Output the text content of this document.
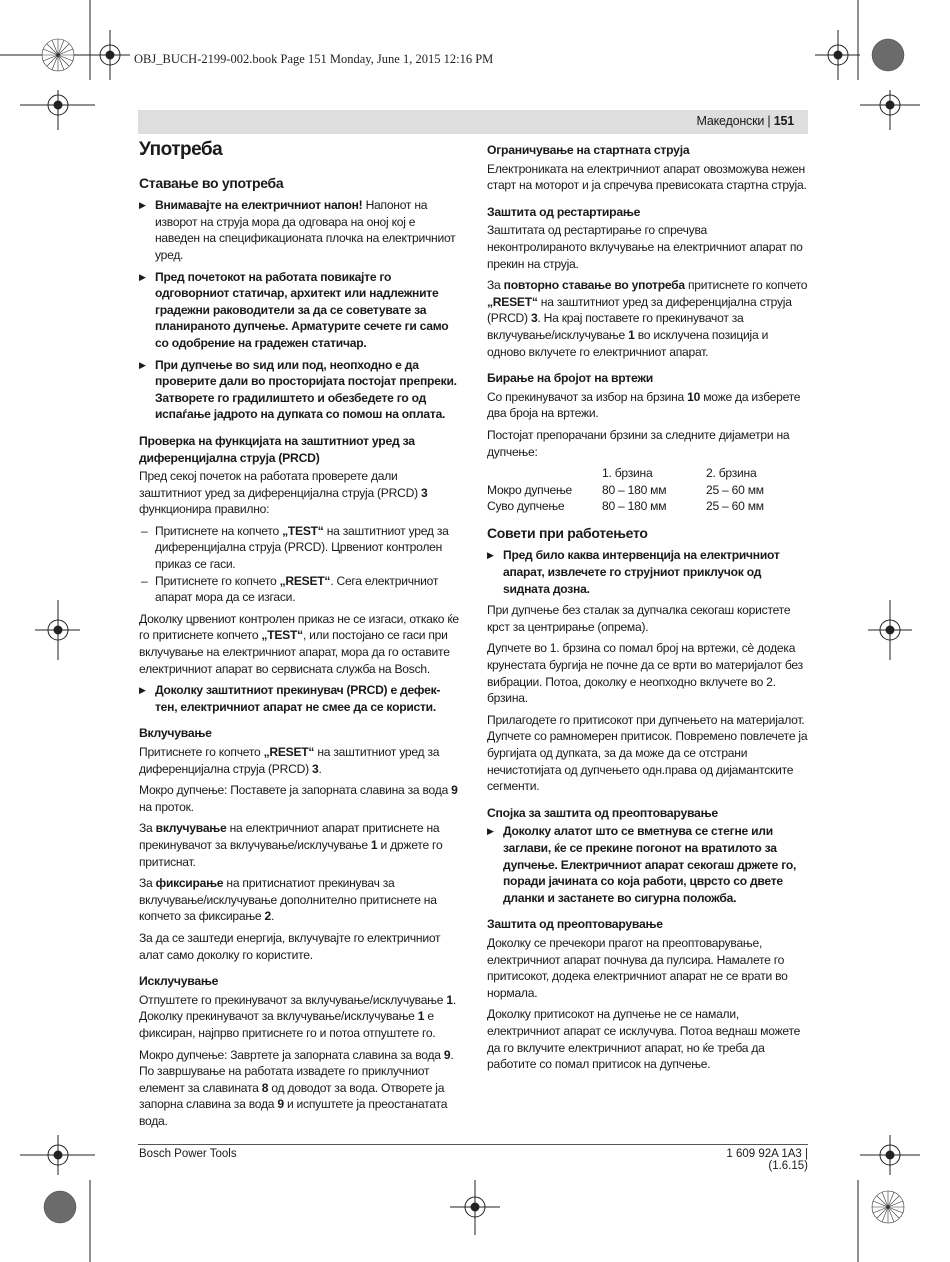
OBJ_BUCH-2199-002.book Page 151 Monday, June 1, 2015 12:16 PM
Македонски | 151
Употреба
Ставање во употреба
▶ Внимавајте на електричниот напон! Напонот на изворот на струја мора да одговара на оној кој е наведен на спецификационата плочка на електричниот уред.
▶ Пред почетокот на работата повикајте го одговорниот статичар, архитект или надлежните градежни раководители за да се советувате за планираното дупчење. Арматурите сечете ги само со одобрение на градежен статичар.
▶ При дупчење во ѕид или под, неопходно е да проверите дали во просторијата постојат препреки. Затворете го градилиштето и обезбедете го од испаѓање јадрото на дупката со помош на оплата.
Проверка на функцијата на заштитниот уред за диференцијална струја (PRCD)

Пред секој почеток на работата проверете дали заштитниот уред за диференцијална струја (PRCD) 3 функционира правилно:

– Притиснете на копчето „TEST“ на заштитниот уред за диференцијална струја (PRCD). Црвениот контролен приказ се гаси.
– Притиснете го копчето „RESET“. Сега електричниот апарат мора да се изгаси.

Доколку црвениот контролен приказ не се изгаси, откако ќе го притиснете копчето „TEST“, или постојано се гаси при вклучување на електричниот апарат, мора да го оставите електричниот апарат во сервисната служба на Bosch.

▶ Доколку заштитниот прекинувач (PRCD) е дефек-тен, електричниот апарат не смее да се користи.
Вклучување

Притиснете го копчето „RESET“ на заштитниот уред за диференцијална струја (PRCD) 3.

Мокро дупчење: Поставете ја запорната славина за вода 9 на проток.

За вклучување на електричниот апарат притиснете на прекинувачот за вклучување/исклучување 1 и држете го притиснат.

За фиксирање на притиснатиот прекинувач за вклучување/исклучување дополнително притиснете на копчето за фиксирање 2.

За да се заштеди енергија, вклучувајте го електричниот алат само доколку го користите.

Исклучување

Отпуштете го прекинувачот за вклучување/исклучување 1. Доколку прекинувачот за вклучување/исклучување 1 е фиксиран, најпрво притиснете го и потоа отпуштете го.

Мокро дупчење: Завртете ја запорната славина за вода 9. По завршување на работата извадете го приклучниот елемент за славината 8 од доводот за вода. Отворете ја запорна славина за вода 9 и испуштете ја преостанатата вода.

Ограничување на стартната струја

Електрониката на електричниот апарат овозможува нежен старт на моторот и ја спречува превисоката стартна струја.

Заштита од рестартирање

Заштитата од рестартирање го спречува неконтролираното вклучување на електричниот апарат по прекин на струја.

За повторно ставање во употреба притиснете го копчето „RESET“ на заштитниот уред за диференцијална струја (PRCD) 3. На крај поставете го прекинувачот за вклучување/исклучување 1 во исклучена позиција и одново вклучете го електричниот апарат.

Бирање на бројот на вртежи

Со прекинувачот за избор на брзина 10 може да изберете два броја на вртежи.

Постојат препорачани брзини за следните дијаметри на дупчење:

	1. брзина	2. брзина
Мокро дупчење	80 – 180 мм	25 – 60 мм
Суво дупчење	80 – 180 мм	25 – 60 мм
Совети при работењето
▶ Пред било каква интервенција на електричниот апарат, извлечете го струјниот приклучок од ѕидната дозна.

При дупчење без сталак за дупчалка секогаш користете крст за центрирање (опрема).

Дупчете во 1. брзина со помал број на вртежи, сè додека крунестата бургија не почне да се врти во материјалот без вибрации. Потоа, доколку е неопходно вклучете во 2. брзина.

Прилагодете го притисокот при дупчењето на материјалот. Дупчете со рамномерен притисок. Повремено повлечете ја бургијата од дупката, за да може да се отстрани нечистотијата од дупчењето одн.права од дијамантските сегменти.

Спојка за заштита од преоптоварување
▶ Доколку алатот што се вметнува се стегне или заглави, ќе се прекине погонот на вратилото за дупчење. Електричниот апарат секогаш држете го, поради јачината со која работи, цврсто со двете дланки и застанете во сигурна положба.
Заштита од преоптоварување

Доколку се пречекори прагот на преоптоварување, електричниот апарат почнува да пулсира. Намалете го притисокот, додека електричниот апарат не се врати во нормала.

Доколку притисокот на дупчење не се намали, електричниот апарат се исклучува. Потоа веднаш можете да го вклучите електричниот апарат, но ќе треба да работите со помал притисок на дупчење.

Bosch Power Tools	1 609 92A 1A3 | (1.6.15)
